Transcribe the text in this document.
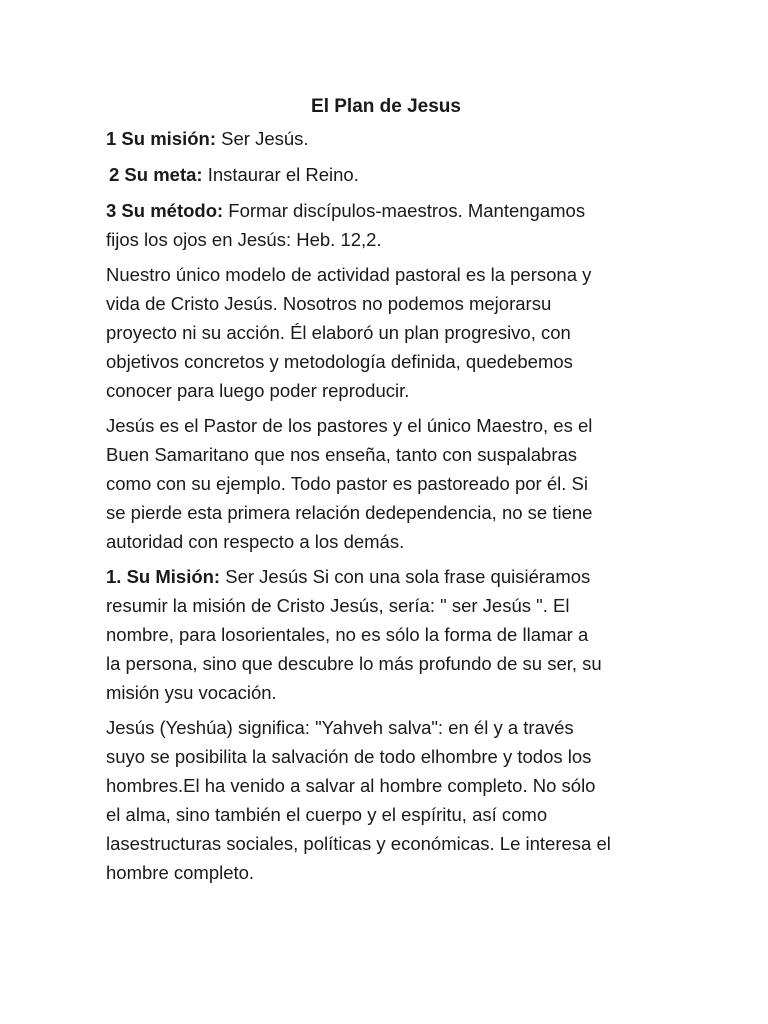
El Plan de Jesus
1 Su misión: Ser Jesús.
2 Su meta: Instaurar el Reino.
3 Su método: Formar discípulos-maestros. Mantengamos
fijos los ojos en Jesús: Heb. 12,2.
Nuestro único modelo de actividad pastoral es la persona y
vida de Cristo Jesús. Nosotros no podemos mejorarsu
proyecto ni su acción. Él elaboró un plan progresivo, con
objetivos concretos y metodología definida, quedebemos
conocer para luego poder reproducir.
Jesús es el Pastor de los pastores y el único Maestro, es el
Buen Samaritano que nos enseña, tanto con suspalabras
como con su ejemplo. Todo pastor es pastoreado por él. Si
se pierde esta primera relación dedependencia, no se tiene
autoridad con respecto a los demás.
1. Su Misión: Ser Jesús Si con una sola frase quisiéramos
resumir la misión de Cristo Jesús, sería: " ser Jesús ". El
nombre, para losorientales, no es sólo la forma de llamar a
la persona, sino que descubre lo más profundo de su ser, su
misión ysu vocación.
Jesús (Yeshúa) significa: "Yahveh salva": en él y a través
suyo se posibilita la salvación de todo elhombre y todos los
hombres.El ha venido a salvar al hombre completo. No sólo
el alma, sino también el cuerpo y el espíritu, así como
lasestructuras sociales, políticas y económicas. Le interesa el
hombre completo.
